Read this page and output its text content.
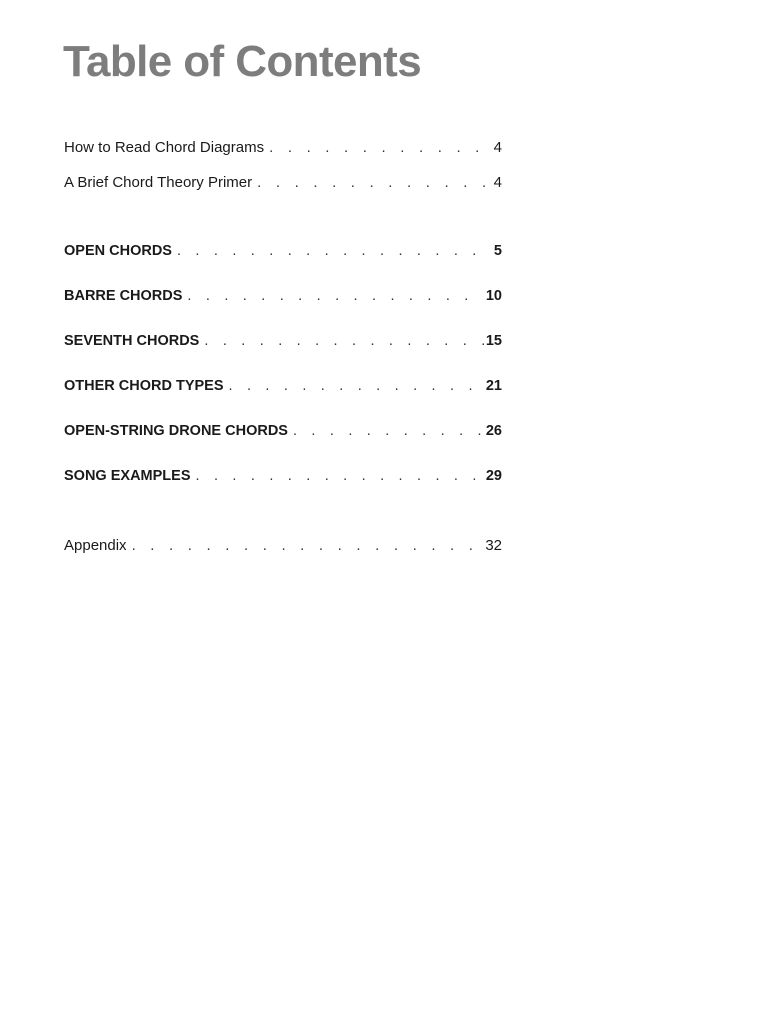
Table of Contents
How to Read Chord Diagrams . . .	4
A Brief Chord Theory Primer . . .	4
OPEN CHORDS . . .	5
BARRE CHORDS . . .	10
SEVENTH CHORDS . . .	15
OTHER CHORD TYPES . . .	21
OPEN-STRING DRONE CHORDS . . .	26
SONG EXAMPLES . . .	29
Appendix . . .	32
